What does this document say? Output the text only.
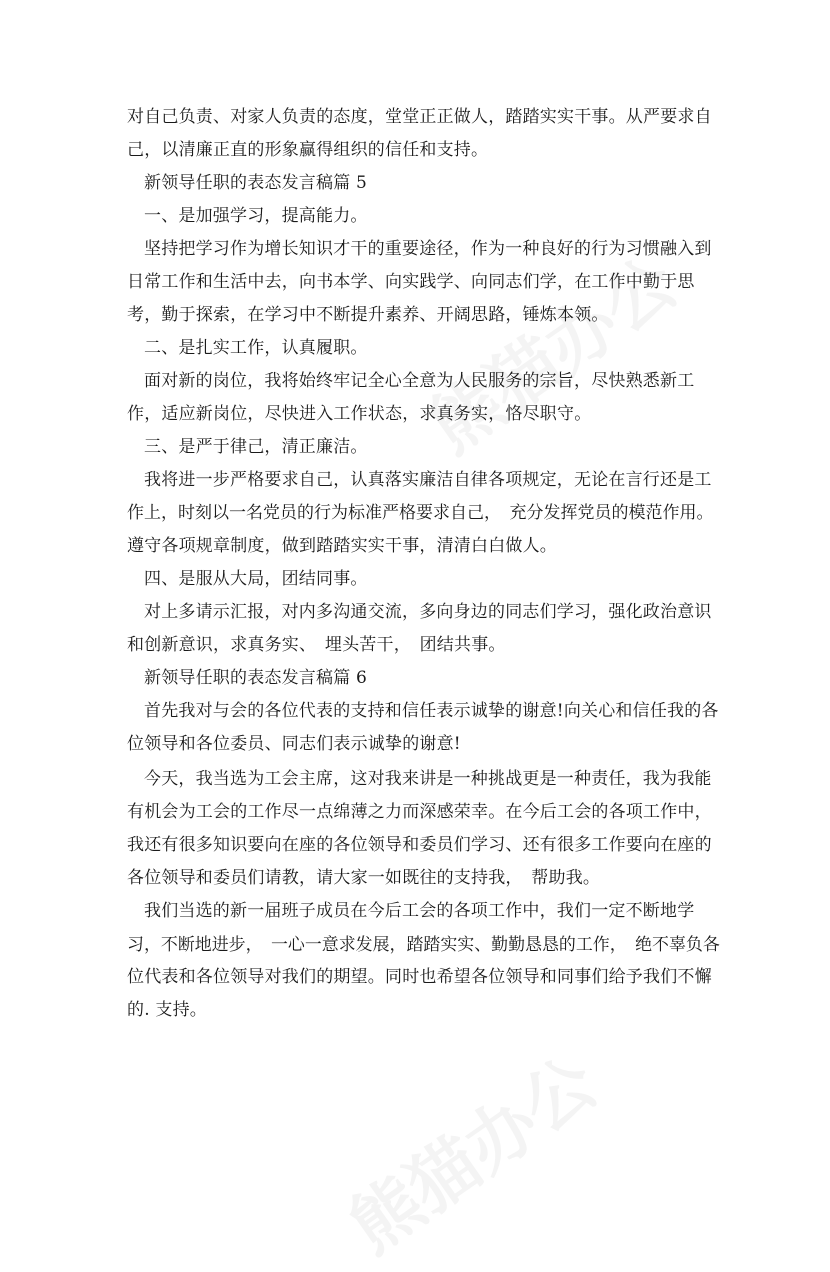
对自己负责、对家人负责的态度，堂堂正正做人，踏踏实实干事。从严要求自
己，以清廉正直的形象赢得组织的信任和支持。
新领导任职的表态发言稿篇 5
一、是加强学习，提高能力。
坚持把学习作为增长知识才干的重要途径，作为一种良好的行为习惯融入到
日常工作和生活中去，向书本学、向实践学、向同志们学，在工作中勤于思
考，勤于探索，在学习中不断提升素养、开阔思路，锤炼本领。
二、是扎实工作，认真履职。
面对新的岗位，我将始终牢记全心全意为人民服务的宗旨，尽快熟悉新工
作，适应新岗位，尽快进入工作状态，求真务实，恪尽职守。
三、是严于律己，清正廉洁。
我将进一步严格要求自己，认真落实廉洁自律各项规定，无论在言行还是工
作上，时刻以一名党员的行为标准严格要求自己，　充分发挥党员的模范作用。
遵守各项规章制度，做到踏踏实实干事，清清白白做人。
四、是服从大局，团结同事。
对上多请示汇报，对内多沟通交流，多向身边的同志们学习，强化政治意识
和创新意识，求真务实、　埋头苦干，　团结共事。
新领导任职的表态发言稿篇 6
首先我对与会的各位代表的支持和信任表示诚挚的谢意!向关心和信任我的各
位领导和各位委员、同志们表示诚挚的谢意!
今天，我当选为工会主席，这对我来讲是一种挑战更是一种责任，我为我能
有机会为工会的工作尽一点绵薄之力而深感荣幸。在今后工会的各项工作中，
我还有很多知识要向在座的各位领导和委员们学习、还有很多工作要向在座的
各位领导和委员们请教，请大家一如既往的支持我，　帮助我。
我们当选的新一届班子成员在今后工会的各项工作中，我们一定不断地学
习，不断地进步，　一心一意求发展，踏踏实实、勤勤恳恳的工作，　绝不辜负各
位代表和各位领导对我们的期望。同时也希望各位领导和同事们给予我们不懈
的. 支持。
